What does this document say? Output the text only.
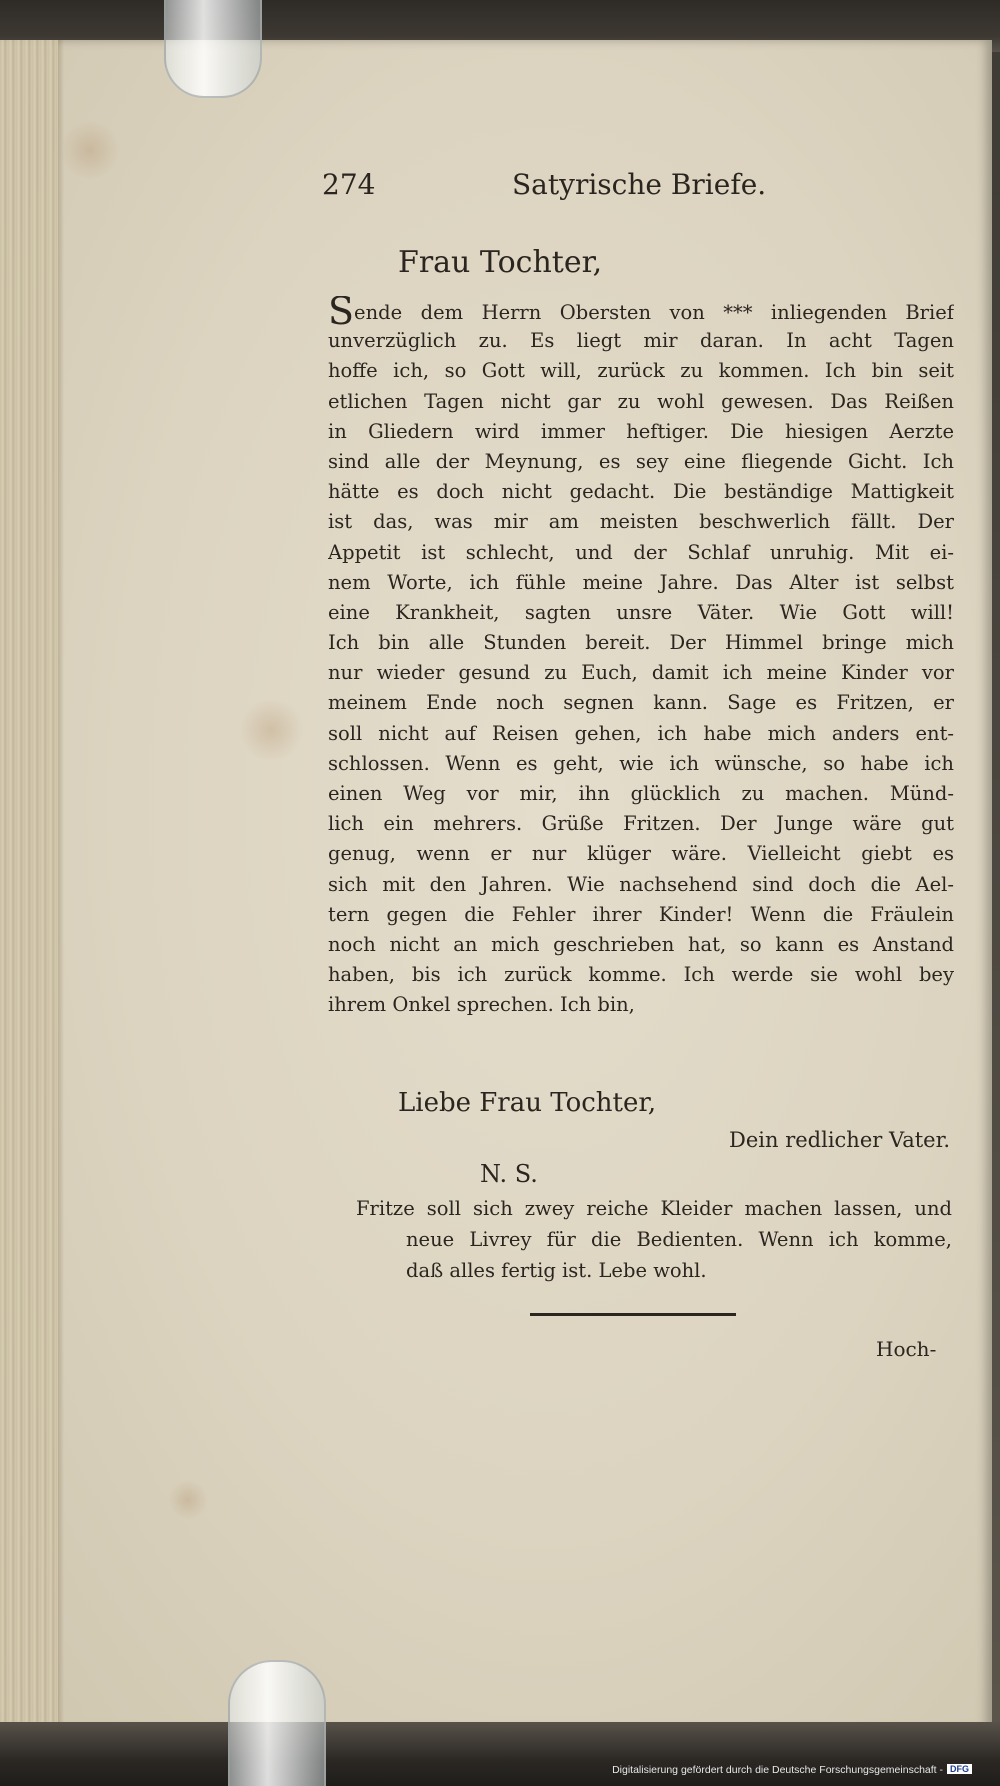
274	Satyrische Briefe.
Frau Tochter,
Sende dem Herrn Obersten von *** inliegenden Brief
unverzüglich zu. Es liegt mir daran. In acht Tagen
hoffe ich, so Gott will, zurück zu kommen. Ich bin seit
etlichen Tagen nicht gar zu wohl gewesen. Das Reißen
in Gliedern wird immer heftiger. Die hiesigen Aerzte
sind alle der Meynung, es sey eine fliegende Gicht. Ich
hätte es doch nicht gedacht. Die beständige Mattigkeit
ist das, was mir am meisten beschwerlich fällt. Der
Appetit ist schlecht, und der Schlaf unruhig. Mit ei-
nem Worte, ich fühle meine Jahre. Das Alter ist selbst
eine Krankheit, sagten unsre Väter. Wie Gott will!
Ich bin alle Stunden bereit. Der Himmel bringe mich
nur wieder gesund zu Euch, damit ich meine Kinder vor
meinem Ende noch segnen kann. Sage es Fritzen, er
soll nicht auf Reisen gehen, ich habe mich anders ent-
schlossen. Wenn es geht, wie ich wünsche, so habe ich
einen Weg vor mir, ihn glücklich zu machen. Münd-
lich ein mehrers. Grüße Fritzen. Der Junge wäre gut
genug, wenn er nur klüger wäre. Vielleicht giebt es
sich mit den Jahren. Wie nachsehend sind doch die Ael-
tern gegen die Fehler ihrer Kinder! Wenn die Fräulein
noch nicht an mich geschrieben hat, so kann es Anstand
haben, bis ich zurück komme. Ich werde sie wohl bey
ihrem Onkel sprechen. Ich bin,
Liebe Frau Tochter,
Dein redlicher Vater.
N. S.
Fritze soll sich zwey reiche Kleider machen lassen, und
neue Livrey für die Bedienten. Wenn ich komme,
daß alles fertig ist. Lebe wohl.
Hoch-
Digitalisierung gefördert durch die Deutsche Forschungsgemeinschaft - DFG
